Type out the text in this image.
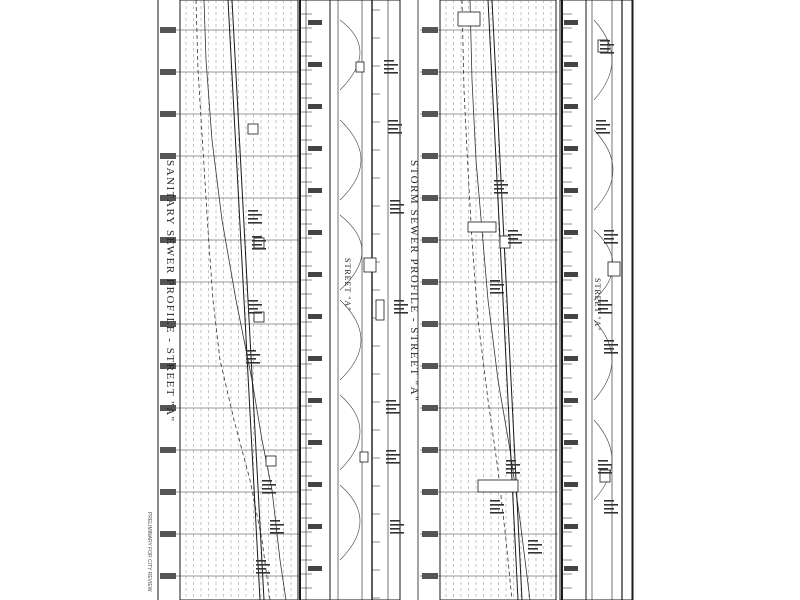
SANITARY SEWER PROFILE - STREET "A"	STORM SEWER PROFILE - STREET "A"
STREET "A"	STREET "A"
PRELIMINARY FOR CITY REVIEW
